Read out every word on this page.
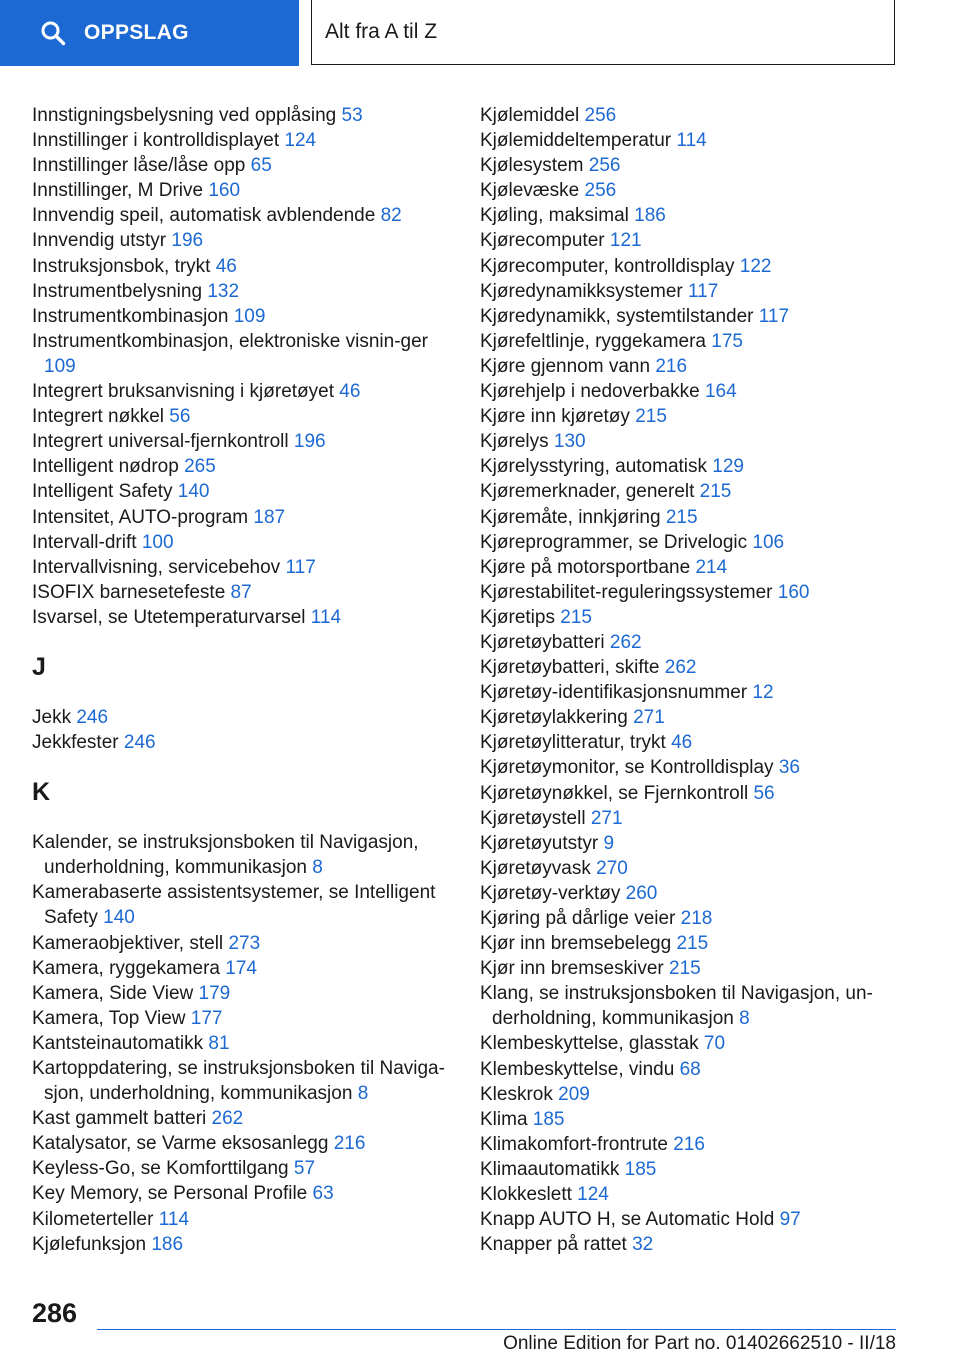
OPPSLAG	Alt fra A til Z
Innstigningsbelysning ved opplåsing 53
Innstillinger i kontrolldisplayet 124
Innstillinger låse/låse opp 65
Innstillinger, M Drive 160
Innvendig speil, automatisk avblendende 82
Innvendig utstyr 196
Instruksjonsbok, trykt 46
Instrumentbelysning 132
Instrumentkombinasjon 109
Instrumentkombinasjon, elektroniske visnin‐ger 109
Integrert bruksanvisning i kjøretøyet 46
Integrert nøkkel 56
Integrert universal-fjernkontroll 196
Intelligent nødrop 265
Intelligent Safety 140
Intensitet, AUTO-program 187
Intervall-drift 100
Intervallvisning, servicebehov 117
ISOFIX barnesetefeste 87
Isvarsel, se Utetemperaturvarsel 114
J
Jekk 246
Jekkfester 246
K
Kalender, se instruksjonsboken til Navigasjon, underholdning, kommunikasjon 8
Kamerabaserte assistentsystemer, se Intelligent Safety 140
Kameraobjektiver, stell 273
Kamera, ryggekamera 174
Kamera, Side View 179
Kamera, Top View 177
Kantsteinautomatikk 81
Kartoppdatering, se instruksjonsboken til Naviga‐sjon, underholdning, kommunikasjon 8
Kast gammelt batteri 262
Katalysator, se Varme eksosanlegg 216
Keyless-Go, se Komforttilgang 57
Key Memory, se Personal Profile 63
Kilometerteller 114
Kjølefunksjon 186
Kjølemiddel 256
Kjølemiddeltemperatur 114
Kjølesystem 256
Kjølevæske 256
Kjøling, maksimal 186
Kjørecomputer 121
Kjørecomputer, kontrolldisplay 122
Kjøredynamikksystemer 117
Kjøredynamikk, systemtilstander 117
Kjørefeltlinje, ryggekamera 175
Kjøre gjennom vann 216
Kjørehjelp i nedoverbakke 164
Kjøre inn kjøretøy 215
Kjørelys 130
Kjørelysstyring, automatisk 129
Kjøremerknader, generelt 215
Kjøremåte, innkjøring 215
Kjøreprogrammer, se Drivelogic 106
Kjøre på motorsportbane 214
Kjørestabilitet-reguleringssystemer 160
Kjøretips 215
Kjøretøybatteri 262
Kjøretøybatteri, skifte 262
Kjøretøy-identifikasjonsnummer 12
Kjøretøylakkering 271
Kjøretøylitteratur, trykt 46
Kjøretøymonitor, se Kontrolldisplay 36
Kjøretøynøkkel, se Fjernkontroll 56
Kjøretøystell 271
Kjøretøyutstyr 9
Kjøretøyvask 270
Kjøretøy-verktøy 260
Kjøring på dårlige veier 218
Kjør inn bremsebelegg 215
Kjør inn bremseskiver 215
Klang, se instruksjonsboken til Navigasjon, un‐derholdning, kommunikasjon 8
Klembeskyttelse, glasstak 70
Klembeskyttelse, vindu 68
Kleskrok 209
Klima 185
Klimakomfort-frontrute 216
Klimaautomatikk 185
Klokkeslett 124
Knapp AUTO H, se Automatic Hold 97
Knapper på rattet 32
286
Online Edition for Part no. 01402662510 - II/18
